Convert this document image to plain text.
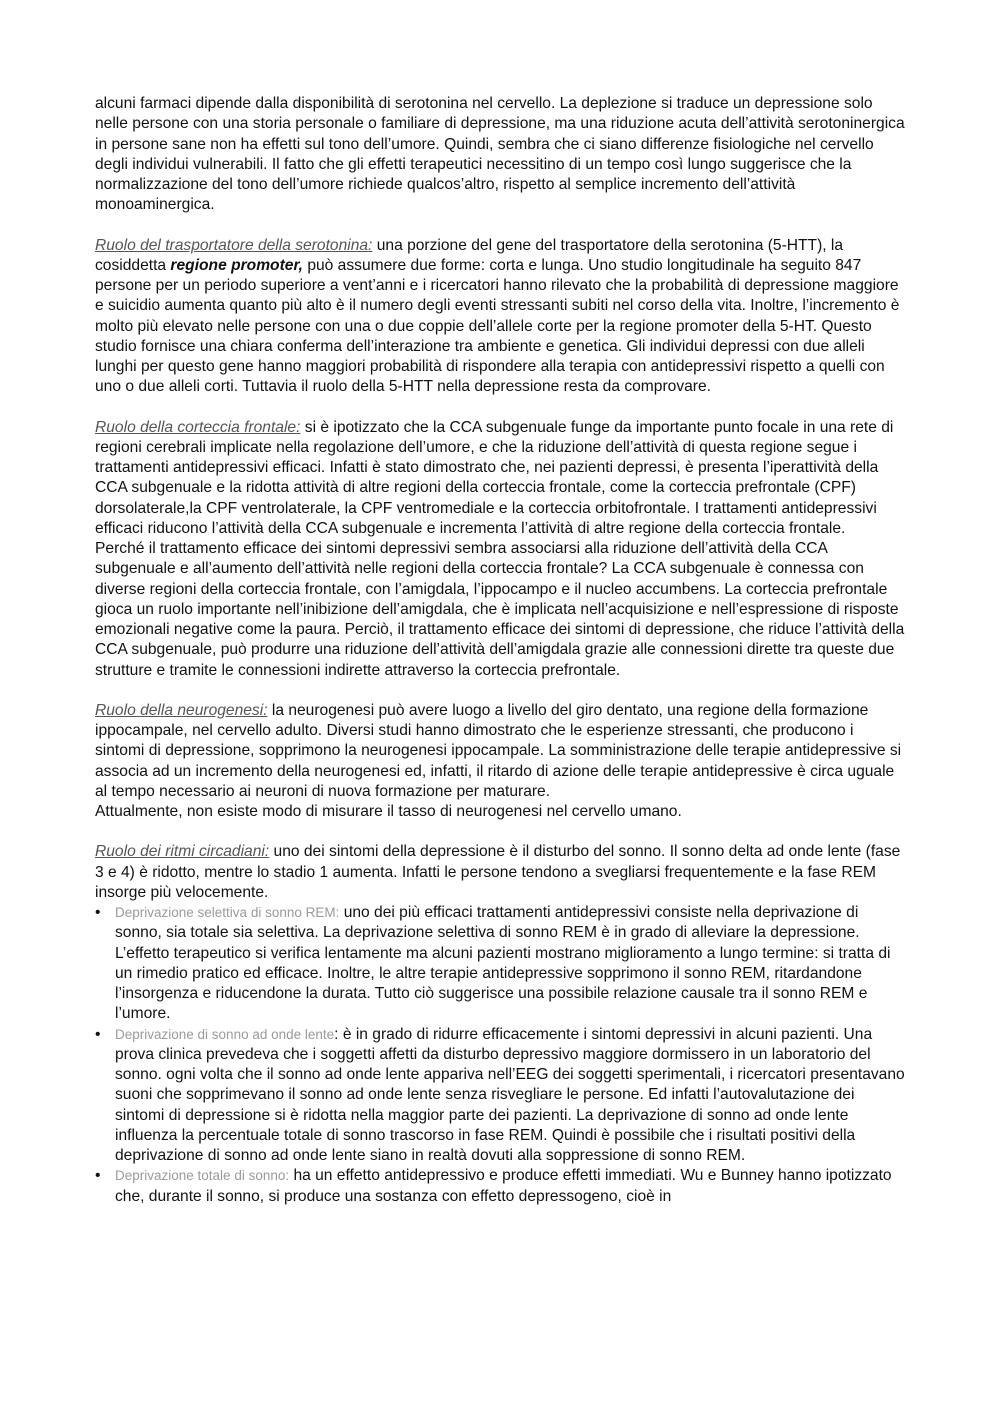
alcuni farmaci dipende dalla disponibilità di serotonina nel cervello. La deplezione si traduce un depressione solo nelle persone con una storia personale o familiare di depressione, ma una riduzione acuta dell’attività serotoninergica in persone sane non ha effetti sul tono dell’umore. Quindi, sembra che ci siano differenze fisiologiche nel cervello degli individui vulnerabili. Il fatto che gli effetti terapeutici necessitino di un tempo così lungo suggerisce che la normalizzazione del tono dell’umore richiede qualcos’altro, rispetto al semplice incremento dell’attività monoaminergica.

Ruolo del trasportatore della serotonina: una porzione del gene del trasportatore della serotonina (5-HTT), la cosiddetta regione promoter, può assumere due forme: corta e lunga. Uno studio longitudinale ha seguito 847 persone per un periodo superiore a vent’anni e i ricercatori hanno rilevato che la probabilità di depressione maggiore e suicidio aumenta quanto più alto è il numero degli eventi stressanti subiti nel corso della vita. Inoltre, l’incremento è molto più elevato nelle persone con una o due coppie dell’allele corte per la regione promoter della 5-HT. Questo studio fornisce una chiara conferma dell’interazione tra ambiente e genetica. Gli individui depressi con due alleli lunghi per questo gene hanno maggiori probabilità di rispondere alla terapia con antidepressivi rispetto a quelli con uno o due alleli corti. Tuttavia il ruolo della 5-HTT nella depressione resta da comprovare.

Ruolo della corteccia frontale: si è ipotizzato che la CCA subgenuale funge da importante punto focale in una rete di regioni cerebrali implicate nella regolazione dell’umore, e che la riduzione dell’attività di questa regione segue i trattamenti antidepressivi efficaci. Infatti è stato dimostrato che, nei pazienti depressi, è presenta l’iperattività della CCA subgenuale e la ridotta attività di altre regioni della corteccia frontale, come la corteccia prefrontale (CPF) dorsolaterale,la CPF ventrolaterale, la CPF ventromediale e la corteccia orbitofrontale. I trattamenti antidepressivi efficaci riducono l’attività della CCA subgenuale e incrementa l’attività di altre regione della corteccia frontale.

Perché il trattamento efficace dei sintomi depressivi sembra associarsi alla riduzione dell’attività della CCA subgenuale e all’aumento dell’attività nelle regioni della corteccia frontale? La CCA subgenuale è connessa con diverse regioni della corteccia frontale, con l’amigdala, l’ippocampo e il nucleo accumbens. La corteccia prefrontale gioca un ruolo importante nell’inibizione dell’amigdala, che è implicata nell’acquisizione e nell’espressione di risposte emozionali negative come la paura. Perciò, il trattamento efficace dei sintomi di depressione, che riduce l’attività della CCA subgenuale, può produrre una riduzione dell’attività dell’amigdala grazie alle connessioni dirette tra queste due strutture e tramite le connessioni indirette attraverso la corteccia prefrontale.

Ruolo della neurogenesi: la neurogenesi può avere luogo a livello del giro dentato, una regione della formazione ippocampale, nel cervello adulto. Diversi studi hanno dimostrato che le esperienze stressanti, che producono i sintomi di depressione, sopprimono la neurogenesi ippocampale. La somministrazione delle terapie antidepressive si associa ad un incremento della neurogenesi ed, infatti, il ritardo di azione delle terapie antidepressive è circa uguale al tempo necessario ai neuroni di nuova formazione per maturare.

Attualmente, non esiste modo di misurare il tasso di neurogenesi nel cervello umano.

Ruolo dei ritmi circadiani: uno dei sintomi della depressione è il disturbo del sonno. Il sonno delta ad onde lente (fase 3 e 4) è ridotto, mentre lo stadio 1 aumenta. Infatti le persone tendono a svegliarsi frequentemente e la fase REM insorge più velocemente.

• Deprivazione selettiva di sonno REM: uno dei più efficaci trattamenti antidepressivi consiste nella deprivazione di sonno, sia totale sia selettiva. La deprivazione selettiva di sonno REM è in grado di alleviare la depressione. L’effetto terapeutico si verifica lentamente ma alcuni pazienti mostrano miglioramento a lungo termine: si tratta di un rimedio pratico ed efficace. Inoltre, le altre terapie antidepressive sopprimono il sonno REM, ritardandone l’insorgenza e riducendone la durata. Tutto ciò suggerisce una possibile relazione causale tra il sonno REM e l’umore.
• Deprivazione di sonno ad onde lente: è in grado di ridurre efficacemente i sintomi depressivi in alcuni pazienti. Una prova clinica prevedeva che i soggetti affetti da disturbo depressivo maggiore dormissero in un laboratorio del sonno. ogni volta che il sonno ad onde lente appariva nell’EEG dei soggetti sperimentali, i ricercatori presentavano suoni che sopprimevano il sonno ad onde lente senza risvegliare le persone. Ed infatti l’autovalutazione dei sintomi di depressione si è ridotta nella maggior parte dei pazienti. La deprivazione di sonno ad onde lente influenza la percentuale totale di sonno trascorso in fase REM. Quindi è possibile che i risultati positivi della deprivazione di sonno ad onde lente siano in realtà dovuti alla soppressione di sonno REM.
• Deprivazione totale di sonno: ha un effetto antidepressivo e produce effetti immediati. Wu e Bunney hanno ipotizzato che, durante il sonno, si produce una sostanza con effetto depressogeno, cioè in
